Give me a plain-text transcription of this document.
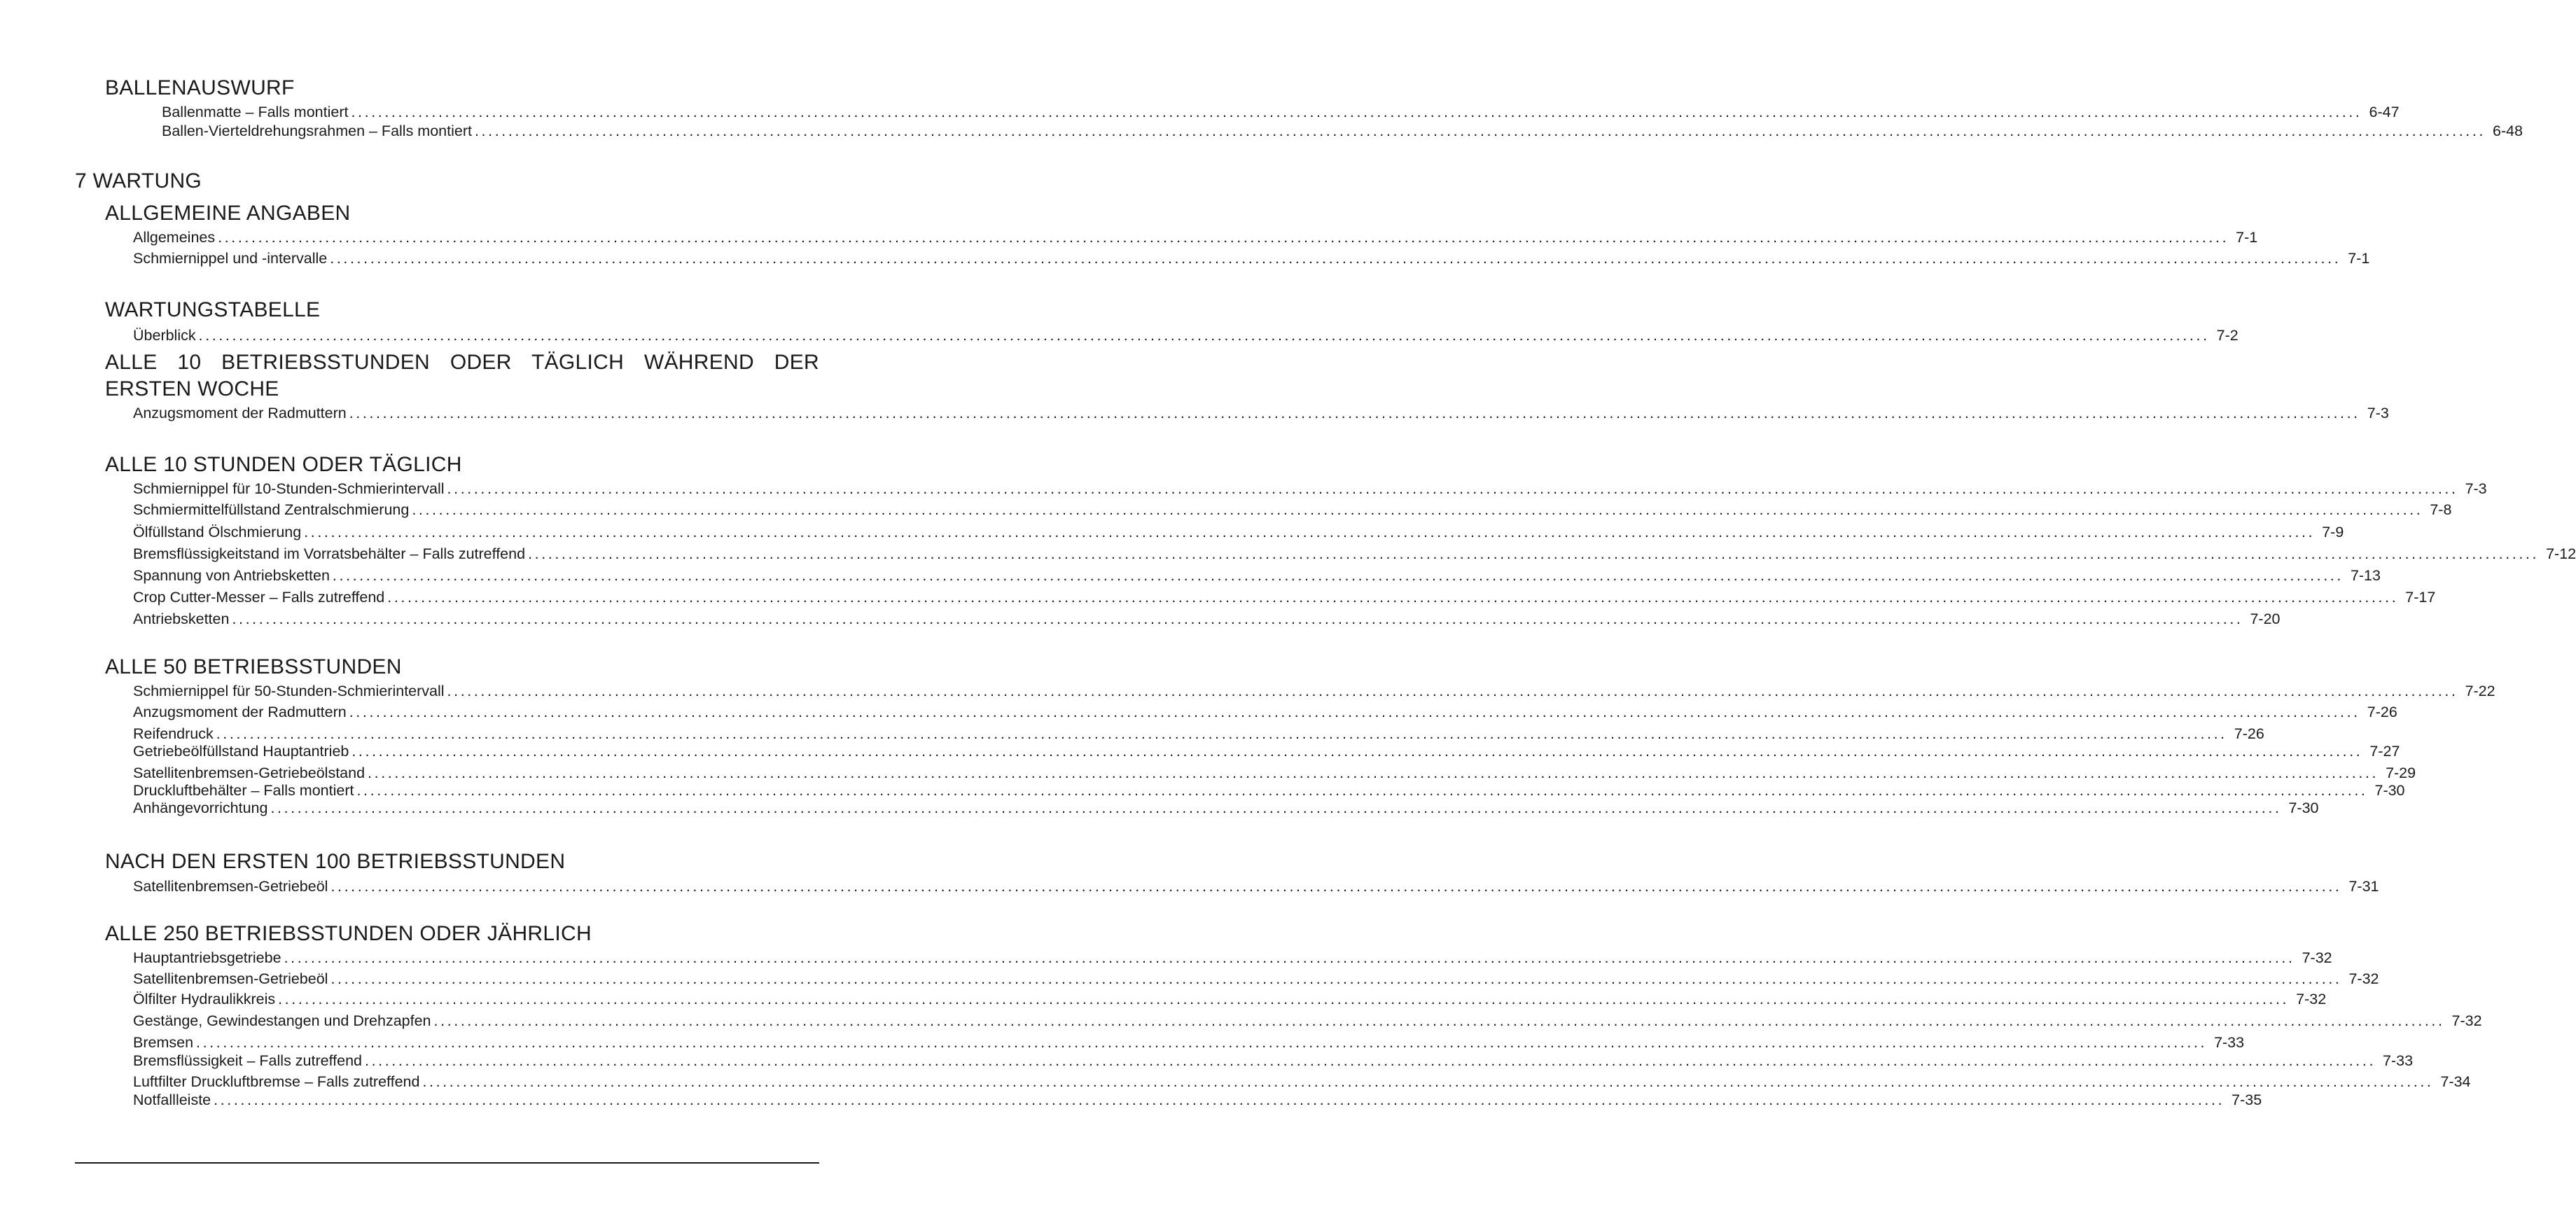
BALLENAUSWURF
Ballenmatte – Falls montiert ............................................................................................................................................................................................................................................................................................................ 6-47
Ballen-Vierteldrehungsrahmen – Falls montiert ............................................................................................................................................................................................................................................................................................................ 6-48
7 WARTUNG
ALLGEMEINE ANGABEN
Allgemeines ............................................................................................................................................................................................................................................................................................................ 7-1
Schmiernippel und -intervalle ............................................................................................................................................................................................................................................................................................................ 7-1
WARTUNGSTABELLE
Überblick ............................................................................................................................................................................................................................................................................................................ 7-2
ALLE 10 BETRIEBSSTUNDEN ODER TÄGLICH WÄHREND DER ERSTEN WOCHE
Anzugsmoment der Radmuttern ............................................................................................................................................................................................................................................................................................................ 7-3
ALLE 10 STUNDEN ODER TÄGLICH
Schmiernippel für 10-Stunden-Schmierintervall ............................................................................................................................................................................................................................................................................................................ 7-3
Schmiermittelfüllstand Zentralschmierung ............................................................................................................................................................................................................................................................................................................ 7-8
Ölfüllstand Ölschmierung ............................................................................................................................................................................................................................................................................................................ 7-9
Bremsflüssigkeitstand im Vorratsbehälter – Falls zutreffend ............................................................................................................................................................................................................................................................................................................ 7-12
Spannung von Antriebsketten ............................................................................................................................................................................................................................................................................................................ 7-13
Crop Cutter-Messer – Falls zutreffend ............................................................................................................................................................................................................................................................................................................ 7-17
Antriebsketten ............................................................................................................................................................................................................................................................................................................ 7-20
ALLE 50 BETRIEBSSTUNDEN
Schmiernippel für 50-Stunden-Schmierintervall ............................................................................................................................................................................................................................................................................................................ 7-22
Anzugsmoment der Radmuttern ............................................................................................................................................................................................................................................................................................................ 7-26
Reifendruck ............................................................................................................................................................................................................................................................................................................ 7-26
Getriebeölfüllstand Hauptantrieb ............................................................................................................................................................................................................................................................................................................ 7-27
Satellitenbremsen-Getriebeölstand ............................................................................................................................................................................................................................................................................................................ 7-29
Druckluftbehälter – Falls montiert ............................................................................................................................................................................................................................................................................................................ 7-30
Anhängevorrichtung ............................................................................................................................................................................................................................................................................................................ 7-30
NACH DEN ERSTEN 100 BETRIEBSSTUNDEN
Satellitenbremsen-Getriebeöl ............................................................................................................................................................................................................................................................................................................ 7-31
ALLE 250 BETRIEBSSTUNDEN ODER JÄHRLICH
Hauptantriebsgetriebe ............................................................................................................................................................................................................................................................................................................ 7-32
Satellitenbremsen-Getriebeöl ............................................................................................................................................................................................................................................................................................................ 7-32
Ölfilter Hydraulikkreis ............................................................................................................................................................................................................................................................................................................ 7-32
Gestänge, Gewindestangen und Drehzapfen ............................................................................................................................................................................................................................................................................................................ 7-32
Bremsen ............................................................................................................................................................................................................................................................................................................ 7-33
Bremsflüssigkeit – Falls zutreffend ............................................................................................................................................................................................................................................................................................................ 7-33
Luftfilter Druckluftbremse – Falls zutreffend ............................................................................................................................................................................................................................................................................................................ 7-34
Notfallleiste ............................................................................................................................................................................................................................................................................................................ 7-35
